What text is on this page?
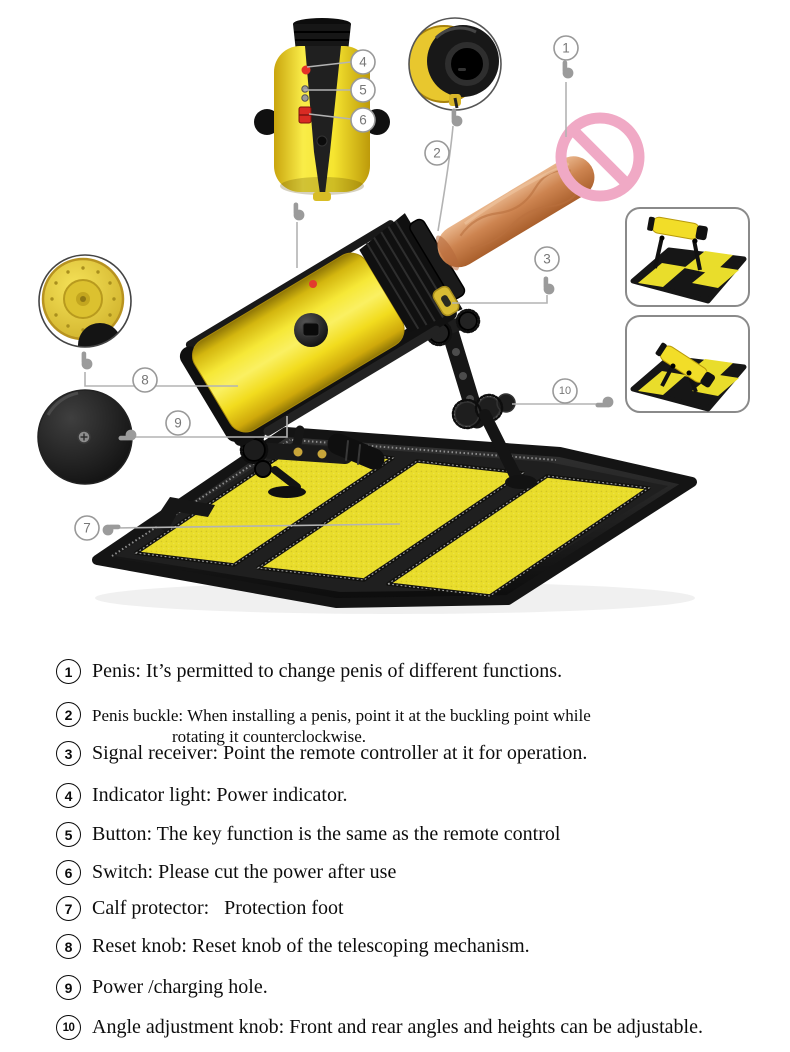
1
2
3
4
5
6
7
8
9
10
1 Penis: It’s permitted to change penis of different functions.
2	Penis buckle: When installing a penis, point it at the buckling point while
rotating it counterclockwise.
3 Signal receiver: Point the remote controller at it for operation.
4 Indicator light: Power indicator.
5 Button: The key function is the same as the remote control
6 Switch: Please cut the power after use
7 Calf protector:   Protection foot
8 Reset knob: Reset knob of the telescoping mechanism.
9 Power /charging hole.
10 Angle adjustment knob: Front and rear angles and heights can be adjustable.
